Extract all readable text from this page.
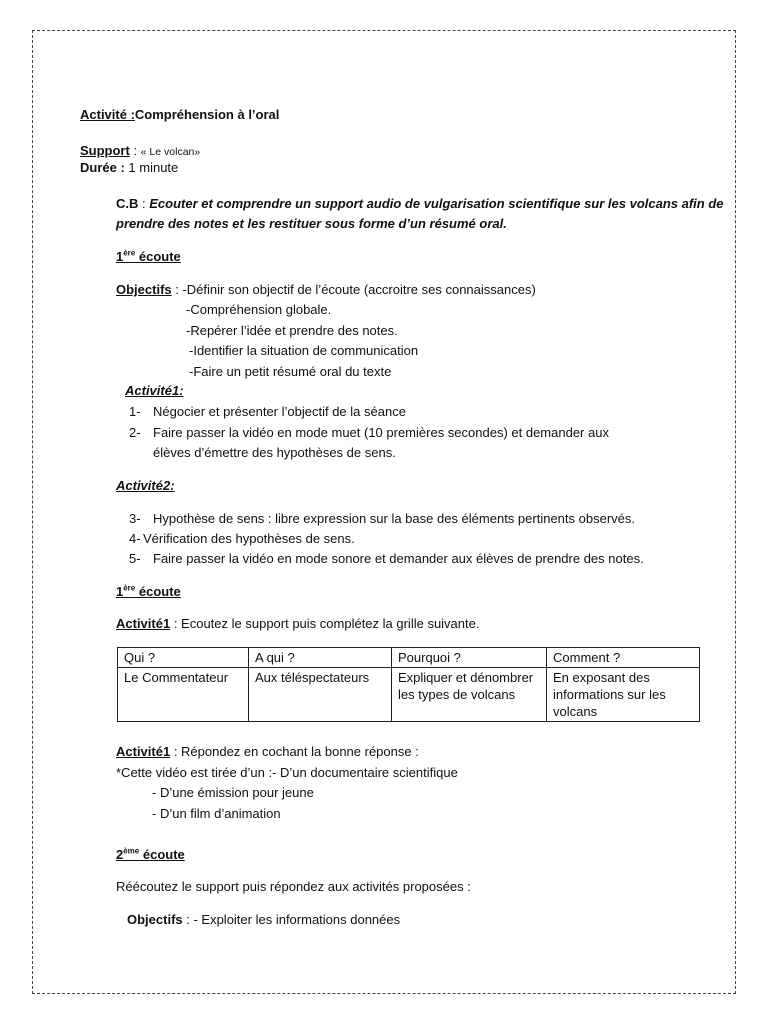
Activité :Compréhension à l’oral
Support : « Le volcan»
Durée : 1 minute
C.B : Ecouter et comprendre un support audio de vulgarisation scientifique sur les volcans afin de
prendre des notes et les restituer sous forme d’un résumé oral.
1ère écoute
Objectifs : -Définir son objectif de l’écoute (accroitre ses connaissances)
-Compréhension globale.
-Repérer l’idée et prendre des notes.
-Identifier la situation de communication
-Faire un petit résumé oral du texte
Activité1:
1- Négocier et présenter l’objectif de la séance
2- Faire passer la vidéo en mode muet (10 premières secondes) et demander aux
élèves d’émettre des hypothèses de sens.
Activité2:
3- Hypothèse de sens : libre expression sur la base des éléments pertinents observés.
4- Vérification des hypothèses de sens.
5- Faire passer la vidéo en mode sonore et demander aux élèves de prendre des notes.
1ère écoute
Activité1 : Ecoutez le support puis complétez la grille suivante.
Qui ?	A qui ?	Pourquoi ?	Comment ?
Le Commentateur	Aux téléspectateurs	Expliquer et dénombrer les types de volcans	En exposant des informations sur les volcans
Activité1 : Répondez en cochant la bonne réponse :
*Cette vidéo est tirée d’un :- D’un documentaire scientifique
- D’une émission pour jeune
- D’un film d’animation
2ème écoute
Réécoutez le support puis répondez aux activités proposées :
Objectifs : - Exploiter les informations données
